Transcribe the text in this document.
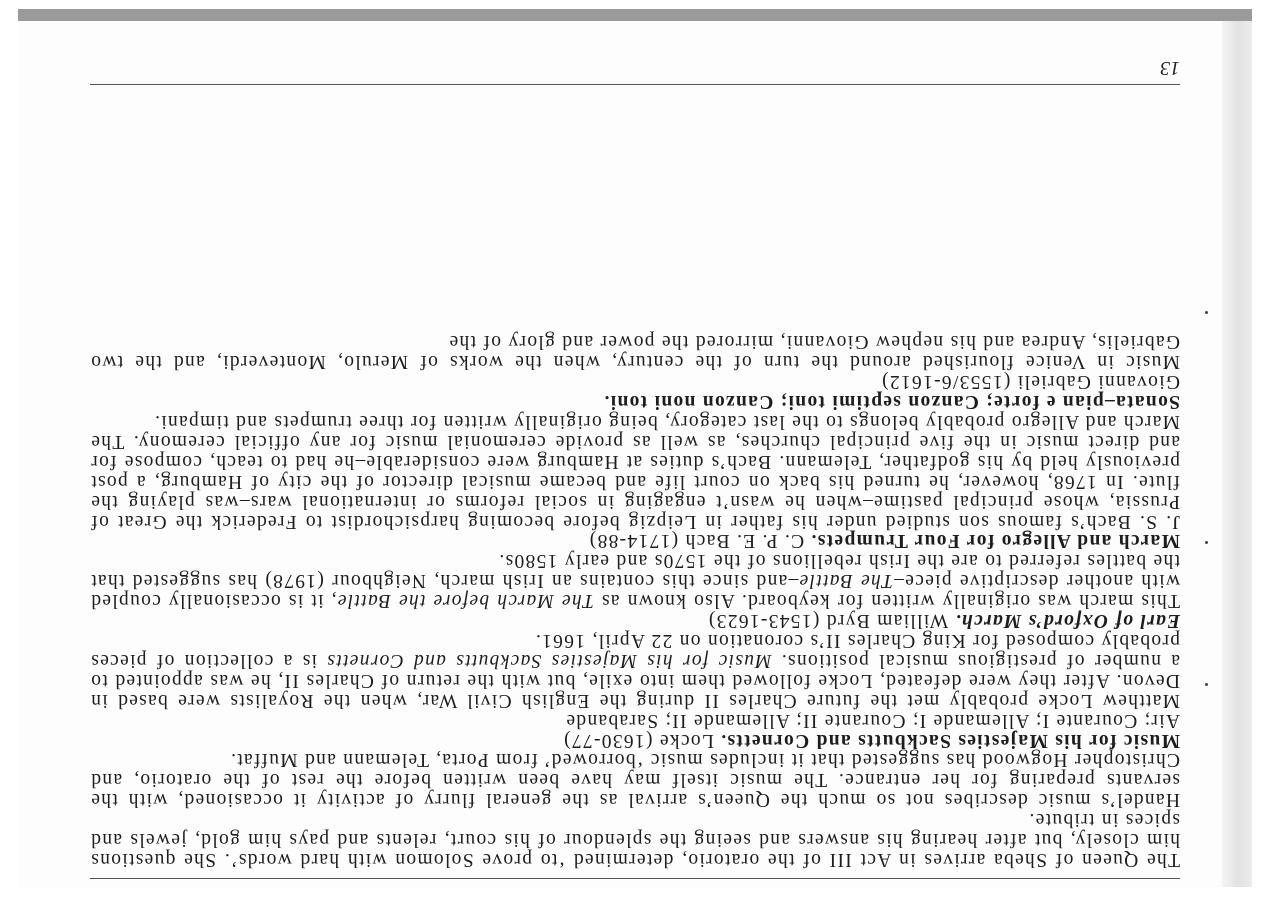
The Queen of Sheba arrives in Act III of the oratorio, determined ‘to prove Solomon with hard words’. She questions him closely, but after hearing his answers and seeing the splendour of his court, relents and pays him gold, jewels and spices in tribute.

Handel’s music describes not so much the Queen’s arrival as the general flurry of activity it occasioned, with the servants preparing for her entrance. The music itself may have been written before the rest of the oratorio, and Christopher Hogwood has suggested that it includes music ‘borrowed’ from Porta, Telemann and Muffat.

Music for his Majesties Sackbutts and Cornetts. Locke (1630-77)

Air; Courante I; Allemande I; Courante II; Allemande II; Sarabande

Matthew Locke probably met the future Charles II during the English Civil War, when the Royalists were based in Devon. After they were defeated, Locke followed them into exile, but with the return of Charles II, he was appointed to a number of prestigious musical positions. Music for his Majesties Sackbutts and Cornetts is a collection of pieces probably composed for King Charles II’s coronation on 22 April, 1661.

Earl of Oxford’s March. William Byrd (1543-1623)

This march was originally written for keyboard. Also known as The March before the Battle, it is occasionally coupled with another descriptive piece–The Battle–and since this contains an Irish march, Neighbour (1978) has suggested that the battles referred to are the Irish rebellions of the 1570s and early 1580s.

March and Allegro for Four Trumpets. C. P. E. Bach (1714-88)

J. S. Bach’s famous son studied under his father in Leipzig before becoming harpsichordist to Frederick the Great of Prussia, whose principal pastime–when he wasn’t engaging in social reforms or international wars–was playing the flute. In 1768, however, he turned his back on court life and became musical director of the city of Hamburg, a post previously held by his godfather, Telemann. Bach’s duties at Hamburg were considerable–he had to teach, compose for and direct music in the five principal churches, as well as provide ceremonial music for any official ceremony. The March and Allegro probably belongs to the last category, being originally written for three trumpets and timpani.

Sonata–pian e forte; Canzon septimi toni; Canzon noni toni.

Giovanni Gabrieli (1553/6-1612)

Music in Venice flourished around the turn of the century, when the works of Merulo, Monteverdi, and the two Gabrielis, Andrea and his nephew Giovanni, mirrored the power and glory of the

13
